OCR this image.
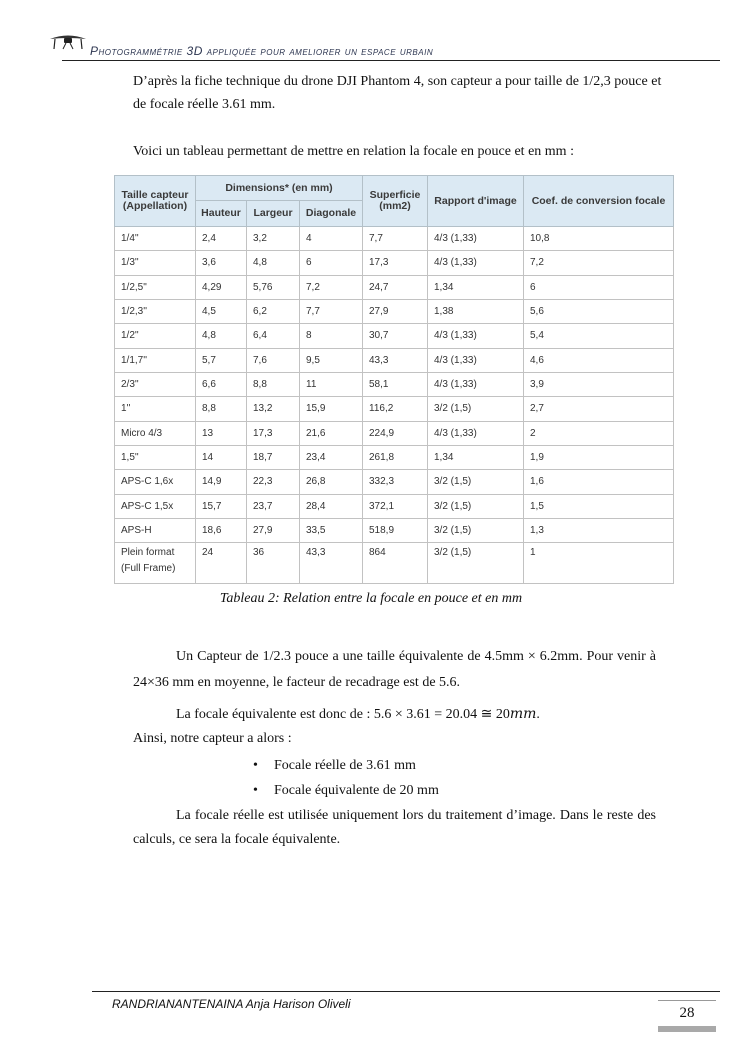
Photogrammétrie 3D appliquée pour ameliorer un espace urbain

D’après la fiche technique du drone DJI Phantom 4, son capteur a pour taille de 1/2,3 pouce et de focale réelle 3.61 mm.

Voici un tableau permettant de mettre en relation la focale en pouce et en mm :

Taille capteur (Appellation)	Dimensions* (en mm)			Superficie (mm2)	Rapport d'image	Coef. de conversion focale
	Hauteur	Largeur	Diagonale			
1/4''	2,4	3,2	4	7,7	4/3 (1,33)	10,8
1/3''	3,6	4,8	6	17,3	4/3 (1,33)	7,2
1/2,5"	4,29	5,76	7,2	24,7	1,34	6
1/2,3''	4,5	6,2	7,7	27,9	1,38	5,6
1/2''	4,8	6,4	8	30,7	4/3 (1,33)	5,4
1/1,7''	5,7	7,6	9,5	43,3	4/3 (1,33)	4,6
2/3''	6,6	8,8	11	58,1	4/3 (1,33)	3,9
1''	8,8	13,2	15,9	116,2	3/2 (1,5)	2,7
Micro 4/3	13	17,3	21,6	224,9	4/3 (1,33)	2
1,5''	14	18,7	23,4	261,8	1,34	1,9
APS-C 1,6x	14,9	22,3	26,8	332,3	3/2 (1,5)	1,6
APS-C 1,5x	15,7	23,7	28,4	372,1	3/2 (1,5)	1,5
APS-H	18,6	27,9	33,5	518,9	3/2 (1,5)	1,3
Plein format (Full Frame)	24	36	43,3	864	3/2 (1,5)	1
Tableau 2: Relation entre la focale en pouce et en mm

Un Capteur de 1/2.3 pouce a une taille équivalente de 4.5mm × 6.2mm. Pour venir à 24×36 mm en moyenne, le facteur de recadrage est de 5.6.

La focale équivalente est donc de : 5.6 × 3.61 = 20.04 ≅ 20𝑚𝑚.

Ainsi, notre capteur a alors :

• Focale réelle de 3.61 mm
• Focale équivalente de 20 mm

La focale réelle est utilisée uniquement lors du traitement d’image. Dans le reste des calculs, ce sera la focale équivalente.

RANDRIANANTENAINA Anja Harison Oliveli
28
